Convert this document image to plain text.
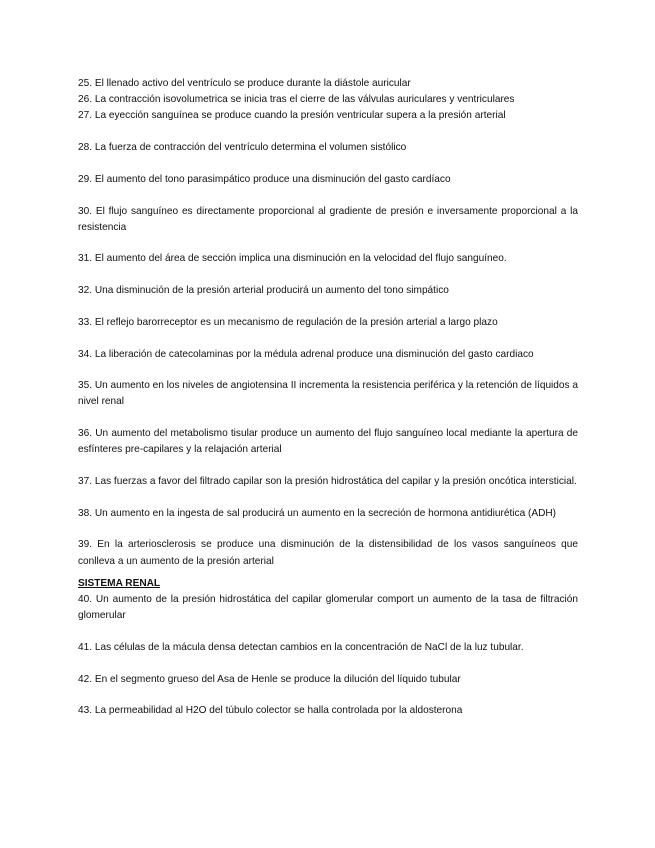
25. El llenado activo del ventrículo se produce durante la diástole auricular

26. La contracción isovolumetrica se inicia tras el cierre de las válvulas auriculares y ventriculares

27. La eyección sanguínea se produce cuando la presión ventricular supera a la presión arterial

28. La fuerza de contracción del ventrículo determina el volumen sistólico

29. El aumento del tono parasimpático produce una disminución del gasto cardíaco

30. El flujo sanguíneo es directamente proporcional al gradiente de presión e inversamente proporcional a la resistencia

31. El aumento del área de sección implica una disminución en la velocidad del flujo sanguíneo.

32. Una disminución de la presión arterial producirá un aumento del tono simpático

33. El reflejo barorreceptor es un mecanismo de regulación de la presión arterial a largo plazo

34. La liberación de catecolaminas por la médula adrenal produce una disminución del gasto cardiaco

35. Un aumento en los niveles de angiotensina II incrementa la resistencia periférica y la retención de líquidos a nivel renal

36. Un aumento del metabolismo tisular produce un aumento del flujo sanguíneo local mediante la apertura de esfínteres pre-capilares y la relajación arterial

37. Las fuerzas a favor del filtrado capilar son la presión hidrostática del capilar y la presión oncótica intersticial.

38. Un aumento en la ingesta de sal producirá un aumento en la secreción de hormona antidiurética (ADH)

39. En la arteriosclerosis se produce una disminución de la distensibilidad de los vasos sanguíneos que conlleva a un aumento de la presión arterial

SISTEMA RENAL

40. Un aumento de la presión hidrostática del capilar glomerular comport un aumento de la tasa de filtración glomerular

41. Las células de la mácula densa detectan cambios en la concentración de NaCl de la luz tubular.

42. En el segmento grueso del Asa de Henle se produce la dilución del líquido tubular

43. La permeabilidad al H2O del túbulo colector se halla controlada por la aldosterona
